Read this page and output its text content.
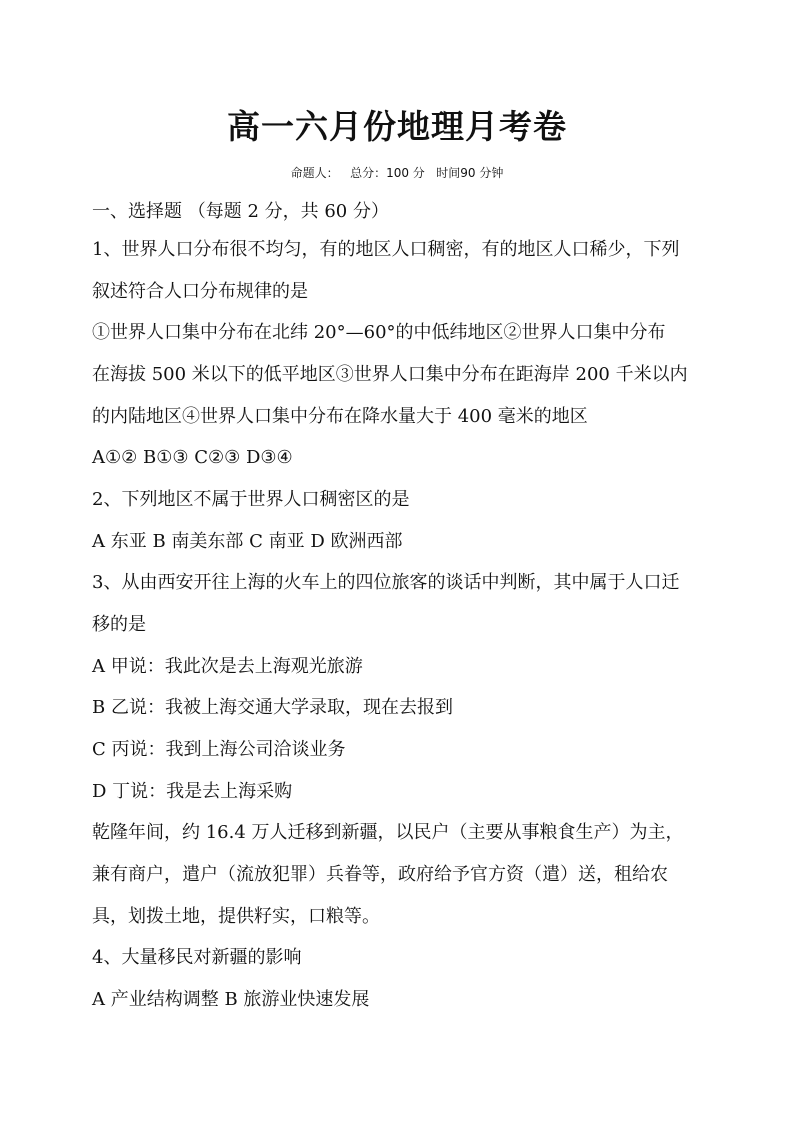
高一六月份地理月考卷
命题人：   总分：100 分   时间90 分钟
一、选择题 （每题 2 分，共 60 分）
1、世界人口分布很不均匀，有的地区人口稠密，有的地区人口稀少，下列
叙述符合人口分布规律的是
①世界人口集中分布在北纬 20°—60°的中低纬地区②世界人口集中分布
在海拔 500 米以下的低平地区③世界人口集中分布在距海岸 200 千米以内
的内陆地区④世界人口集中分布在降水量大于 400 毫米的地区
A①② B①③ C②③ D③④
2、下列地区不属于世界人口稠密区的是
A 东亚 B 南美东部 C 南亚 D 欧洲西部
3、从由西安开往上海的火车上的四位旅客的谈话中判断，其中属于人口迁
移的是
A 甲说：我此次是去上海观光旅游
B 乙说：我被上海交通大学录取，现在去报到
C 丙说：我到上海公司洽谈业务
D 丁说：我是去上海采购
乾隆年间，约 16.4 万人迁移到新疆，以民户（主要从事粮食生产）为主，
兼有商户，遣户（流放犯罪）兵眷等，政府给予官方资（遣）送，租给农
具，划拨土地，提供籽实，口粮等。
4、大量移民对新疆的影响
A 产业结构调整 B 旅游业快速发展
